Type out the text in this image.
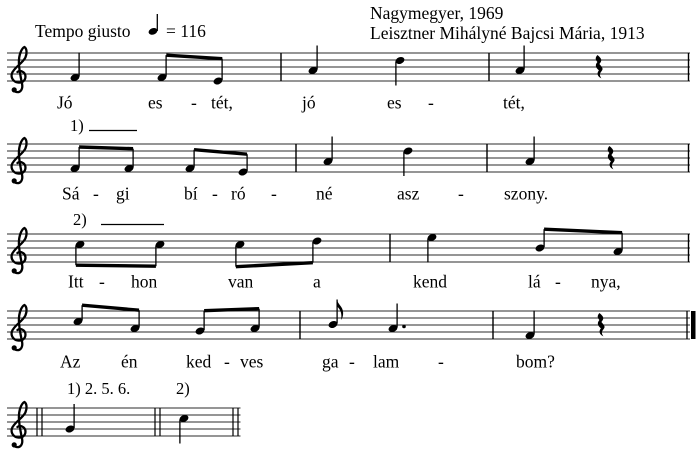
Tempo giusto = 116
Nagymegyer, 1969
Leisztner Mihályné Bajcsi Mária, 1913
Jó	es - tét,	jó	es -	tét,
1)
Sá - gi	bí - ró - né	asz - szony.
2)
Itt - hon	van	a	kend	lá - nya,
Az én	ked - ves	ga - lam -	bom?
1) 2. 5. 6.	2)
